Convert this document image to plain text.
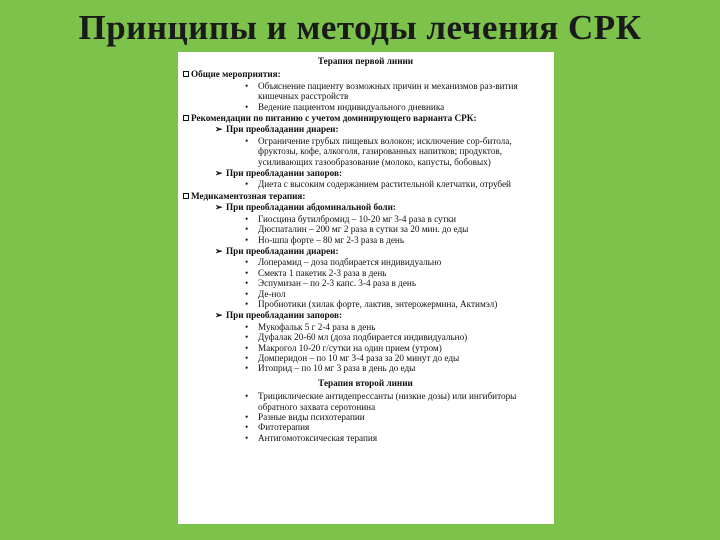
Принципы и методы лечения СРК
Терапия первой линии
Общие мероприятия:
•	Объяснение пациенту возможных причин и механизмов раз-вития кишечных расстройств
•	Ведение пациентом индивидуального дневника
Рекомендации по питанию с учетом доминирующего варианта СРК:
➢ При преобладании диареи:
•	Ограничение грубых пищевых волокон; исключение сор-битола, фруктозы, кофе, алкоголя, газированных напитков; продуктов, усиливающих газообразование (молоко, капусты, бобовых)
➢ При преобладании запоров:
•	Диета с высоким содержанием растительной клетчатки, отрубей
Медикаментозная терапия:
➢ При преобладании абдоминальной боли:
•	Гиосцина бутилбромид – 10-20 мг 3-4 раза в сутки
•	Дюспаталин – 200 мг 2 раза в сутки за 20 мин. до еды
•	Но-шпа форте – 80 мг 2-3 раза в день
➢ При преобладании диареи:
•	Лоперамид – доза подбирается индивидуально
•	Смекта 1 пакетик 2-3 раза в день
•	Эспумизан – по 2-3 капс. 3-4 раза в день
•	Де-нол
•	Пробиотики (хилак форте, лактив, энтерожермина, Актимэл)
➢ При преобладании запоров:
•	Мукофальк 5 г 2-4 раза в день
•	Дуфалак 20-60 мл (доза подбирается индивидуально)
•	Макрогол 10-20 г/сутки на один прием (утром)
•	Домперидон – по 10 мг 3-4 раза за 20 минут до еды
•	Итоприд – по 10 мг 3 раза в день до еды
Терапия второй линии
•	Трициклические антидепрессанты (низкие дозы) или ингибиторы обратного захвата серотонина
•	Разные виды психотерапии
•	Фитотерапия
•	Антигомотоксическая терапия
